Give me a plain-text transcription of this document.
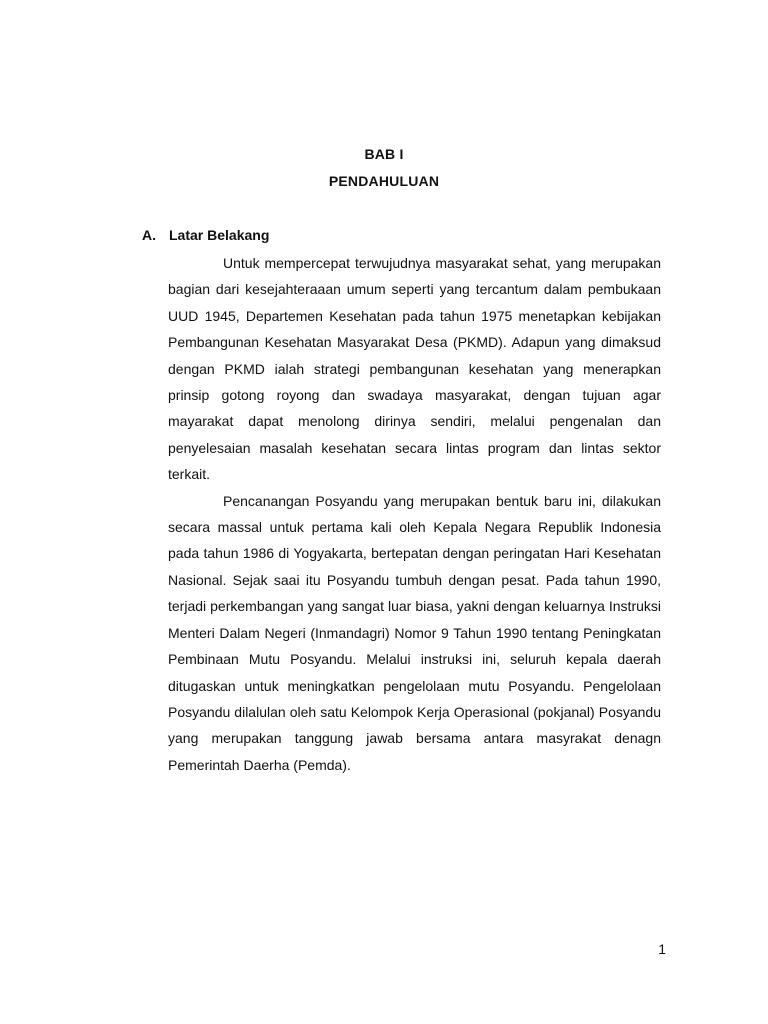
BAB I
PENDAHULUAN
A. Latar Belakang

Untuk mempercepat terwujudnya masyarakat sehat, yang merupakan bagian dari kesejahteraaan umum seperti yang tercantum dalam pembukaan UUD 1945, Departemen Kesehatan pada tahun 1975 menetapkan kebijakan Pembangunan Kesehatan Masyarakat Desa (PKMD). Adapun yang dimaksud dengan PKMD ialah strategi pembangunan kesehatan yang menerapkan prinsip gotong royong dan swadaya masyarakat, dengan tujuan agar mayarakat dapat menolong dirinya sendiri, melalui pengenalan dan penyelesaian masalah kesehatan secara lintas program dan lintas sektor terkait.

Pencanangan Posyandu yang merupakan bentuk baru ini, dilakukan secara massal untuk pertama kali oleh Kepala Negara Republik Indonesia pada tahun 1986 di Yogyakarta, bertepatan dengan peringatan Hari Kesehatan Nasional. Sejak saai itu Posyandu tumbuh dengan pesat. Pada tahun 1990, terjadi perkembangan yang sangat luar biasa, yakni dengan keluarnya Instruksi Menteri Dalam Negeri (Inmandagri) Nomor 9 Tahun 1990 tentang Peningkatan Pembinaan Mutu Posyandu. Melalui instruksi ini, seluruh kepala daerah ditugaskan untuk meningkatkan pengelolaan mutu Posyandu. Pengelolaan Posyandu dilalulan oleh satu Kelompok Kerja Operasional (pokjanal) Posyandu yang merupakan tanggung jawab bersama antara masyrakat denagn Pemerintah Daerha (Pemda).

1
